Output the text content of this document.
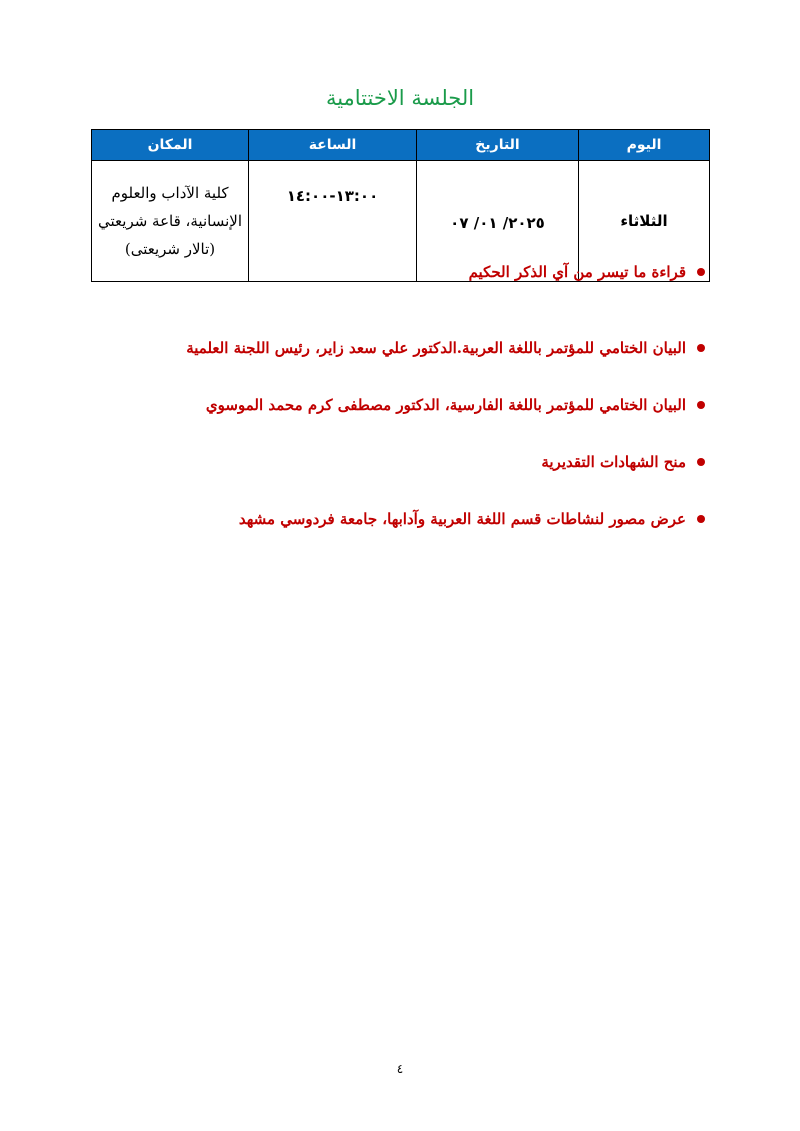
الجلسة الاختتامية
اليوم	التاريخ	الساعة	المكان
الثلاثاء	٢٠٢٥/ ٠١/ ٠٧	١٣:٠٠-١٤:٠٠	كلية الآداب والعلوم
الإنسانية، قاعة شريعتي
(تالار شريعتى)
قراءة ما تيسر من آي الذكر الحكيم
البيان الختامي للمؤتمر باللغة العربية.الدكتور علي سعد زاير، رئيس اللجنة العلمية
البيان الختامي للمؤتمر باللغة الفارسية، الدكتور مصطفى كرم محمد الموسوي
منح الشهادات التقديرية
عرض مصور لنشاطات قسم اللغة العربية وآدابها، جامعة فردوسي مشهد
٤
